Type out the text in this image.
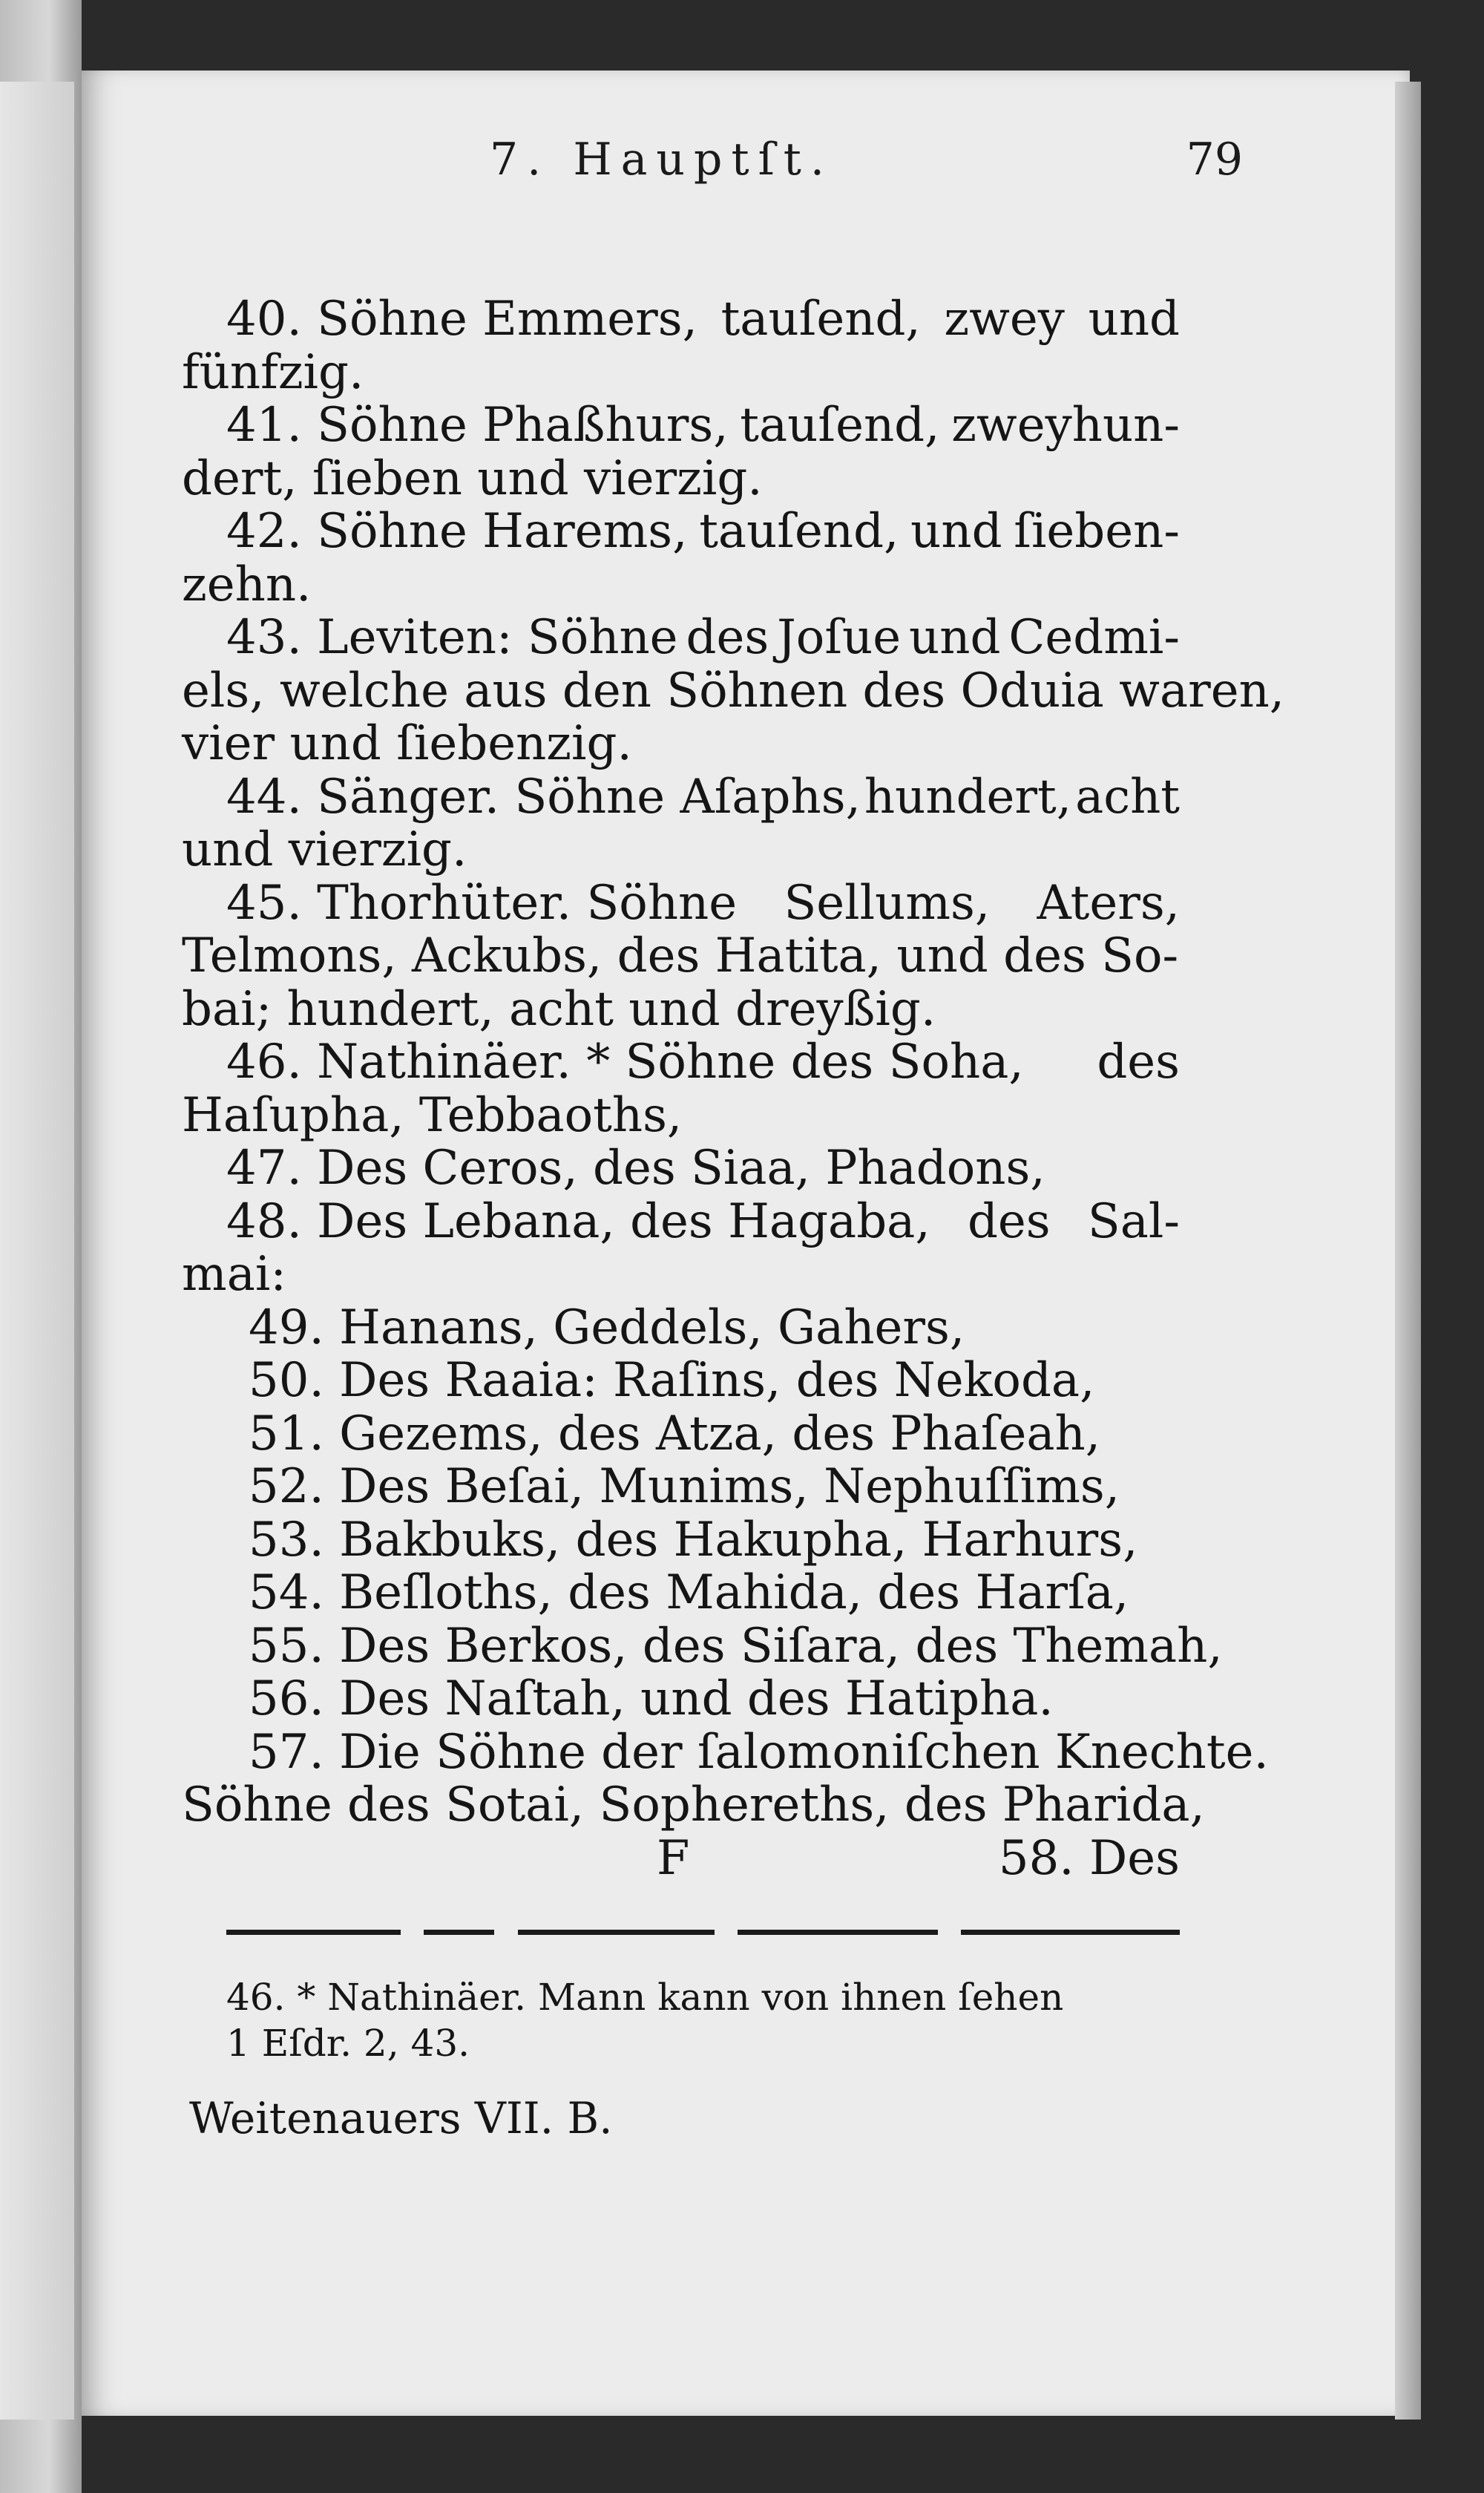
7. Hauptſt.	79
40. Söhne Emmers, tauſend, zwey und
fünfzig.
41. Söhne Phaßhurs, tauſend, zweyhun-
dert, ſieben und vierzig.
42. Söhne Harems, tauſend, und ſieben-
zehn.
43. Leviten: Söhne des Joſue und Cedmi-
els, welche aus den Söhnen des Oduia waren,
vier und ſiebenzig.
44. Sänger. Söhne Aſaphs, hundert, acht
und vierzig.
45. Thorhüter. Söhne Sellums, Aters,
Telmons, Ackubs, des Hatita, und des So-
bai; hundert, acht und dreyßig.
46. Nathinäer. * Söhne des Soha, des
Haſupha, Tebbaoths,
47. Des Ceros, des Siaa, Phadons,
48. Des Lebana, des Hagaba, des Sal-
mai:
49. Hanans, Geddels, Gahers,
50. Des Raaia: Raſins, des Nekoda,
51. Gezems, des Atza, des Phaſeah,
52. Des Beſai, Munims, Nephuſſims,
53. Bakbuks, des Hakupha, Harhurs,
54. Beſloths, des Mahida, des Harſa,
55. Des Berkos, des Siſara, des Themah,
56. Des Naſtah, und des Hatipha.
57. Die Söhne der ſalomoniſchen Knechte.
Söhne des Sotai, Sophereths, des Pharida,
F	58. Des
46. * Nathinäer. Mann kann von ihnen ſehen
1 Eſdr. 2, 43.
Weitenauers VII. B.
